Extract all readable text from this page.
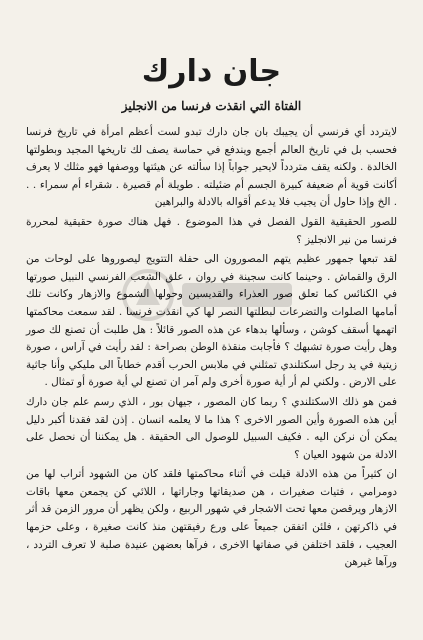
جان دارك
الفتاة التي انقذت فرنسا من الانجليز

لايتردد أي فرنسي أن يجيبك بان جان دارك تبدو لست أعظم امرأة في تاريخ فرنسا فحسب بل في تاريخ العالم أجمع ويندفع في حماسة يصف لك تاريخها المجيد وبطولتها الخالدة . ولكنه يقف متردداً لايحير جواباً إذا سألته عن هيئتها ووصفها فهو مثلك لا يعرف أكانت قوية أم ضعيفة كبيرة الجسم أم ضئيلته . طويلة أم قصيرة . شقراء أم سمراء . . . الخ وإذا حاول أن يجيب فلا يدعم أقواله بالادلة والبراهين

للصور الحقيقية القول الفصل في هذا الموضوع . فهل هناك صورة حقيقية لمحررة فرنسا من نير الانجليز ؟

لقد تبعها جمهور عظيم يتهم المصورون الى حفلة التتويج ليصوروها على لوحات من الرق والقماش . وحينما كانت سجينة في روان ، علق الشعب الفرنسي النبيل صورتها في الكنائس كما تعلق صور العذراء والقديسين وحولها الشموع والازهار وكانت تلك أمامها الصلوات والتضرعات لبطلتها النصر لها كي انقذت فرنسا . لقد سمعت محاكمتها اتهمها أسقف كوشن ، وسألها بدهاء عن هذه الصور قائلاً : هل طلبت أن تصنع لك صور وهل رأيت صورة تشبهك ؟ فأجابت منقذة الوطن بصراحة : لقد رأيت في آراس ، صورة زيتية في يد رجل اسكتلندي تمثلني في ملابس الحرب أقدم خطاباً الى مليكي وأنا جاثية على الارض . ولكني لم أر أية صورة أخرى ولم آمر ان تصنع لي أية صورة أو تمثال .

فمن هو ذلك الاسكتلندي ؟ ربما كان المصور ، جيهان بور ، الذي رسم علم جان دارك أين هذه الصورة وأين الصور الاخرى ؟ هذا ما لا يعلمه انسان . إذن لقد فقدنا أكبر دليل يمكن أن نركن اليه . فكيف السبيل للوصول الى الحقيقة . هل يمكننا أن نحصل على الادلة من شهود العيان ؟

ان كثيراً من هذه الادلة قيلت في أثناء محاكمتها فلقد كان من الشهود أتراب لها من دومرامي ، فتيات صغيرات ، هن صديقاتها وجاراتها ، اللائي كن يجمعن معها باقات الازهار ويرقصن معها تحت الاشجار في شهور الربيع ، ولكن يظهر أن مرور الزمن قد أثر في ذاكرتهن ، فلئن اتفقن جميعاً على ورع رفيقتهن منذ كانت صغيرة ، وعلى حزمها العجيب ، فلقد اختلفن في صفاتها الاخرى ، فرآها بعضهن عنيدة صلبة لا تعرف التردد ، ورآها غيرهن
